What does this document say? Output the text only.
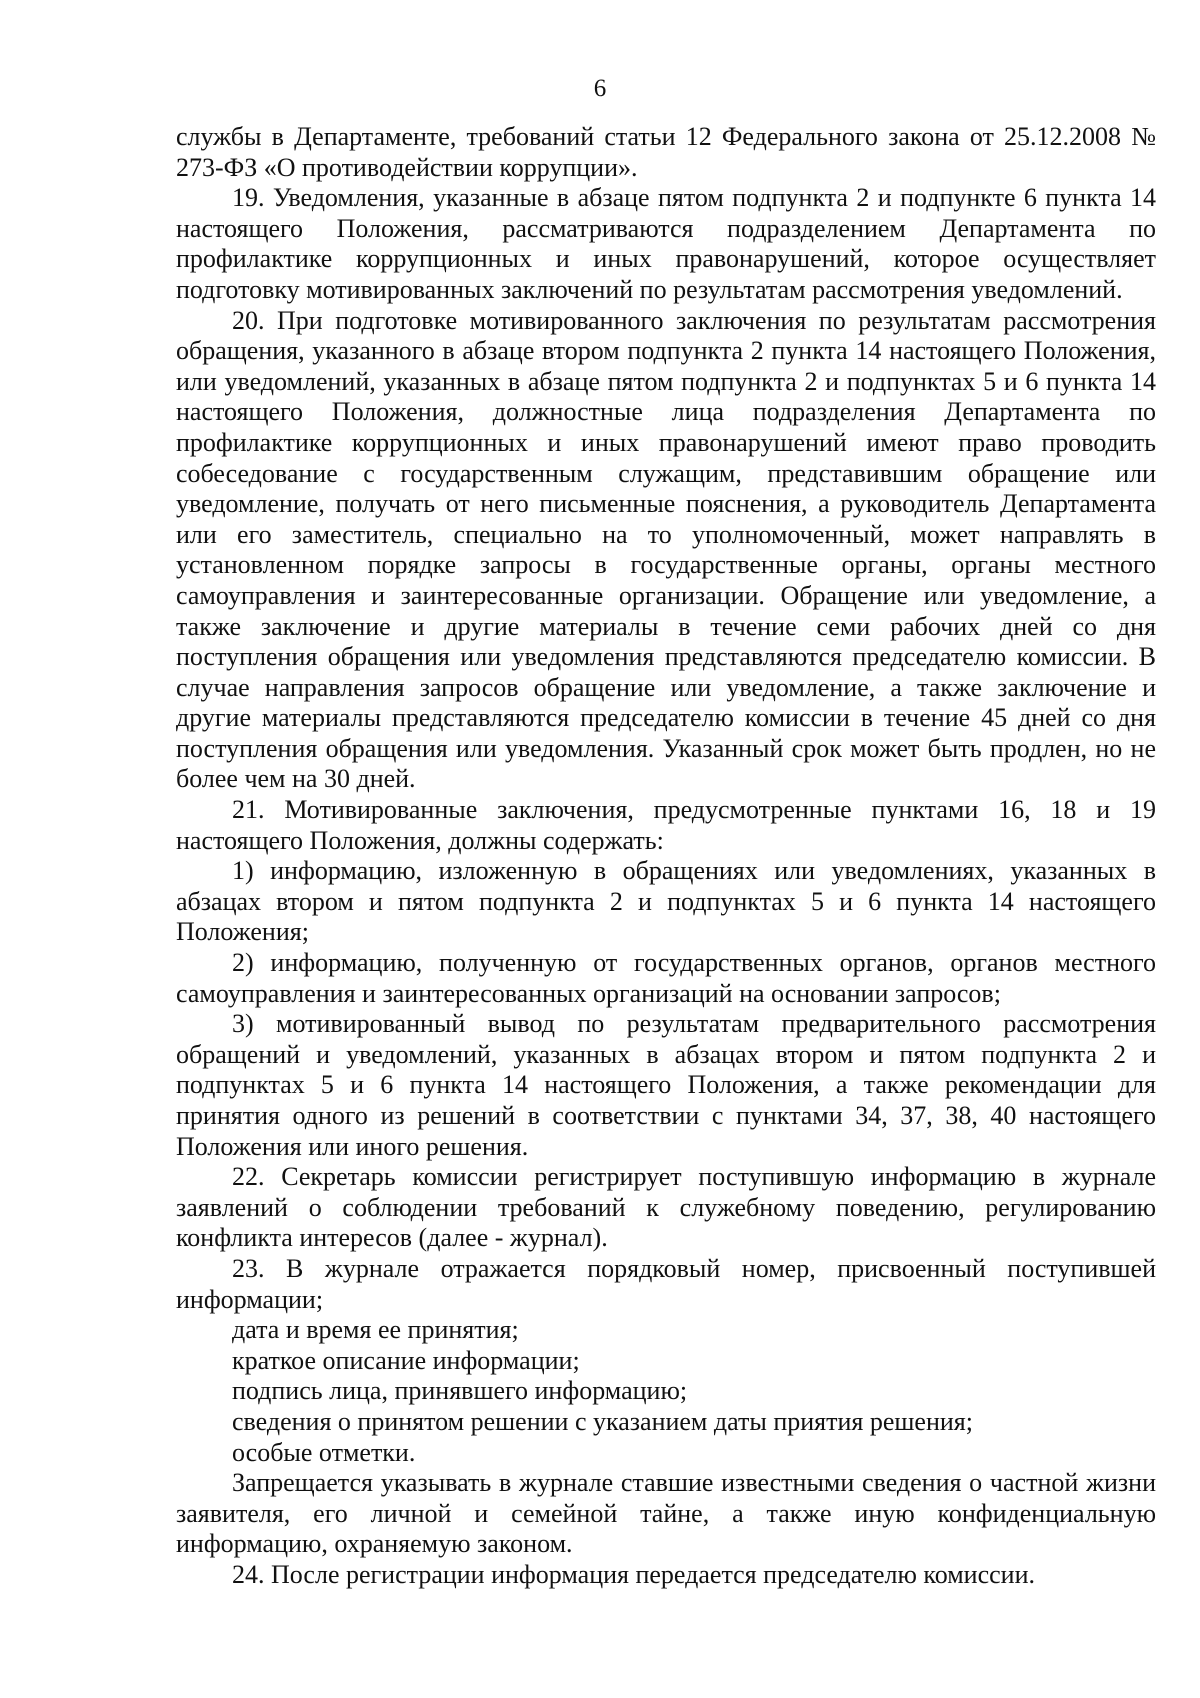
6

службы в Департаменте, требований статьи 12 Федерального закона от 25.12.2008 № 273-ФЗ «О противодействии коррупции».

19. Уведомления, указанные в абзаце пятом подпункта 2 и подпункте 6 пункта 14 настоящего Положения, рассматриваются подразделением Департамента по профилактике коррупционных и иных правонарушений, которое осуществляет подготовку мотивированных заключений по результатам рассмотрения уведомлений.

20. При подготовке мотивированного заключения по результатам рассмотрения обращения, указанного в абзаце втором подпункта 2 пункта 14 настоящего Положения, или уведомлений, указанных в абзаце пятом подпункта 2 и подпунктах 5 и 6 пункта 14 настоящего Положения, должностные лица подразделения Департамента по профилактике коррупционных и иных правонарушений имеют право проводить собеседование с государственным служащим, представившим обращение или уведомление, получать от него письменные пояснения, а руководитель Департамента или его заместитель, специально на то уполномоченный, может направлять в установленном порядке запросы в государственные органы, органы местного самоуправления и заинтересованные организации. Обращение или уведомление, а также заключение и другие материалы в течение семи рабочих дней со дня поступления обращения или уведомления представляются председателю комиссии. В случае направления запросов обращение или уведомление, а также заключение и другие материалы представляются председателю комиссии в течение 45 дней со дня поступления обращения или уведомления. Указанный срок может быть продлен, но не более чем на 30 дней.

21. Мотивированные заключения, предусмотренные пунктами 16, 18 и 19 настоящего Положения, должны содержать:

1) информацию, изложенную в обращениях или уведомлениях, указанных в абзацах втором и пятом подпункта 2 и подпунктах 5 и 6 пункта 14 настоящего Положения;

2) информацию, полученную от государственных органов, органов местного самоуправления и заинтересованных организаций на основании запросов;

3) мотивированный вывод по результатам предварительного рассмотрения обращений и уведомлений, указанных в абзацах втором и пятом подпункта 2 и подпунктах 5 и 6 пункта 14 настоящего Положения, а также рекомендации для принятия одного из решений в соответствии с пунктами 34, 37, 38, 40 настоящего Положения или иного решения.

22. Секретарь комиссии регистрирует поступившую информацию в журнале заявлений о соблюдении требований к служебному поведению, регулированию конфликта интересов (далее - журнал).

23. В журнале отражается порядковый номер, присвоенный поступившей информации;

дата и время ее принятия;

краткое описание информации;

подпись лица, принявшего информацию;

сведения о принятом решении с указанием даты приятия решения;

особые отметки.

Запрещается указывать в журнале ставшие известными сведения о частной жизни заявителя, его личной и семейной тайне, а также иную конфиденциальную информацию, охраняемую законом.

24. После регистрации информация передается председателю комиссии.
